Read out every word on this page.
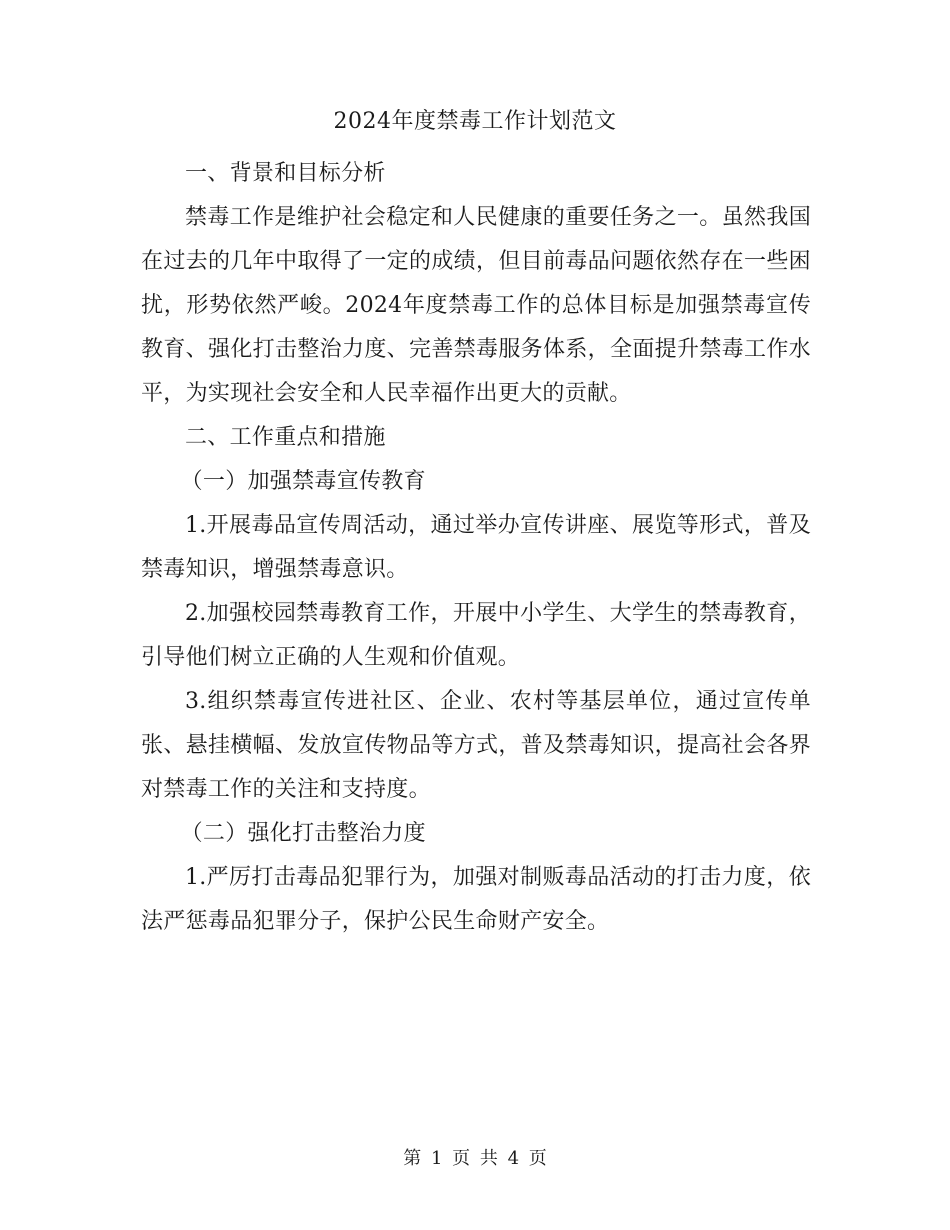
2024年度禁毒工作计划范文

一、背景和目标分析

禁毒工作是维护社会稳定和人民健康的重要任务之一。虽然我国在过去的几年中取得了一定的成绩，但目前毒品问题依然存在一些困扰，形势依然严峻。2024年度禁毒工作的总体目标是加强禁毒宣传教育、强化打击整治力度、完善禁毒服务体系，全面提升禁毒工作水平，为实现社会安全和人民幸福作出更大的贡献。

二、工作重点和措施

（一）加强禁毒宣传教育

1.开展毒品宣传周活动，通过举办宣传讲座、展览等形式，普及禁毒知识，增强禁毒意识。

2.加强校园禁毒教育工作，开展中小学生、大学生的禁毒教育，引导他们树立正确的人生观和价值观。

3.组织禁毒宣传进社区、企业、农村等基层单位，通过宣传单张、悬挂横幅、发放宣传物品等方式，普及禁毒知识，提高社会各界对禁毒工作的关注和支持度。

（二）强化打击整治力度

1.严厉打击毒品犯罪行为，加强对制贩毒品活动的打击力度，依法严惩毒品犯罪分子，保护公民生命财产安全。

第 1 页 共 4 页
